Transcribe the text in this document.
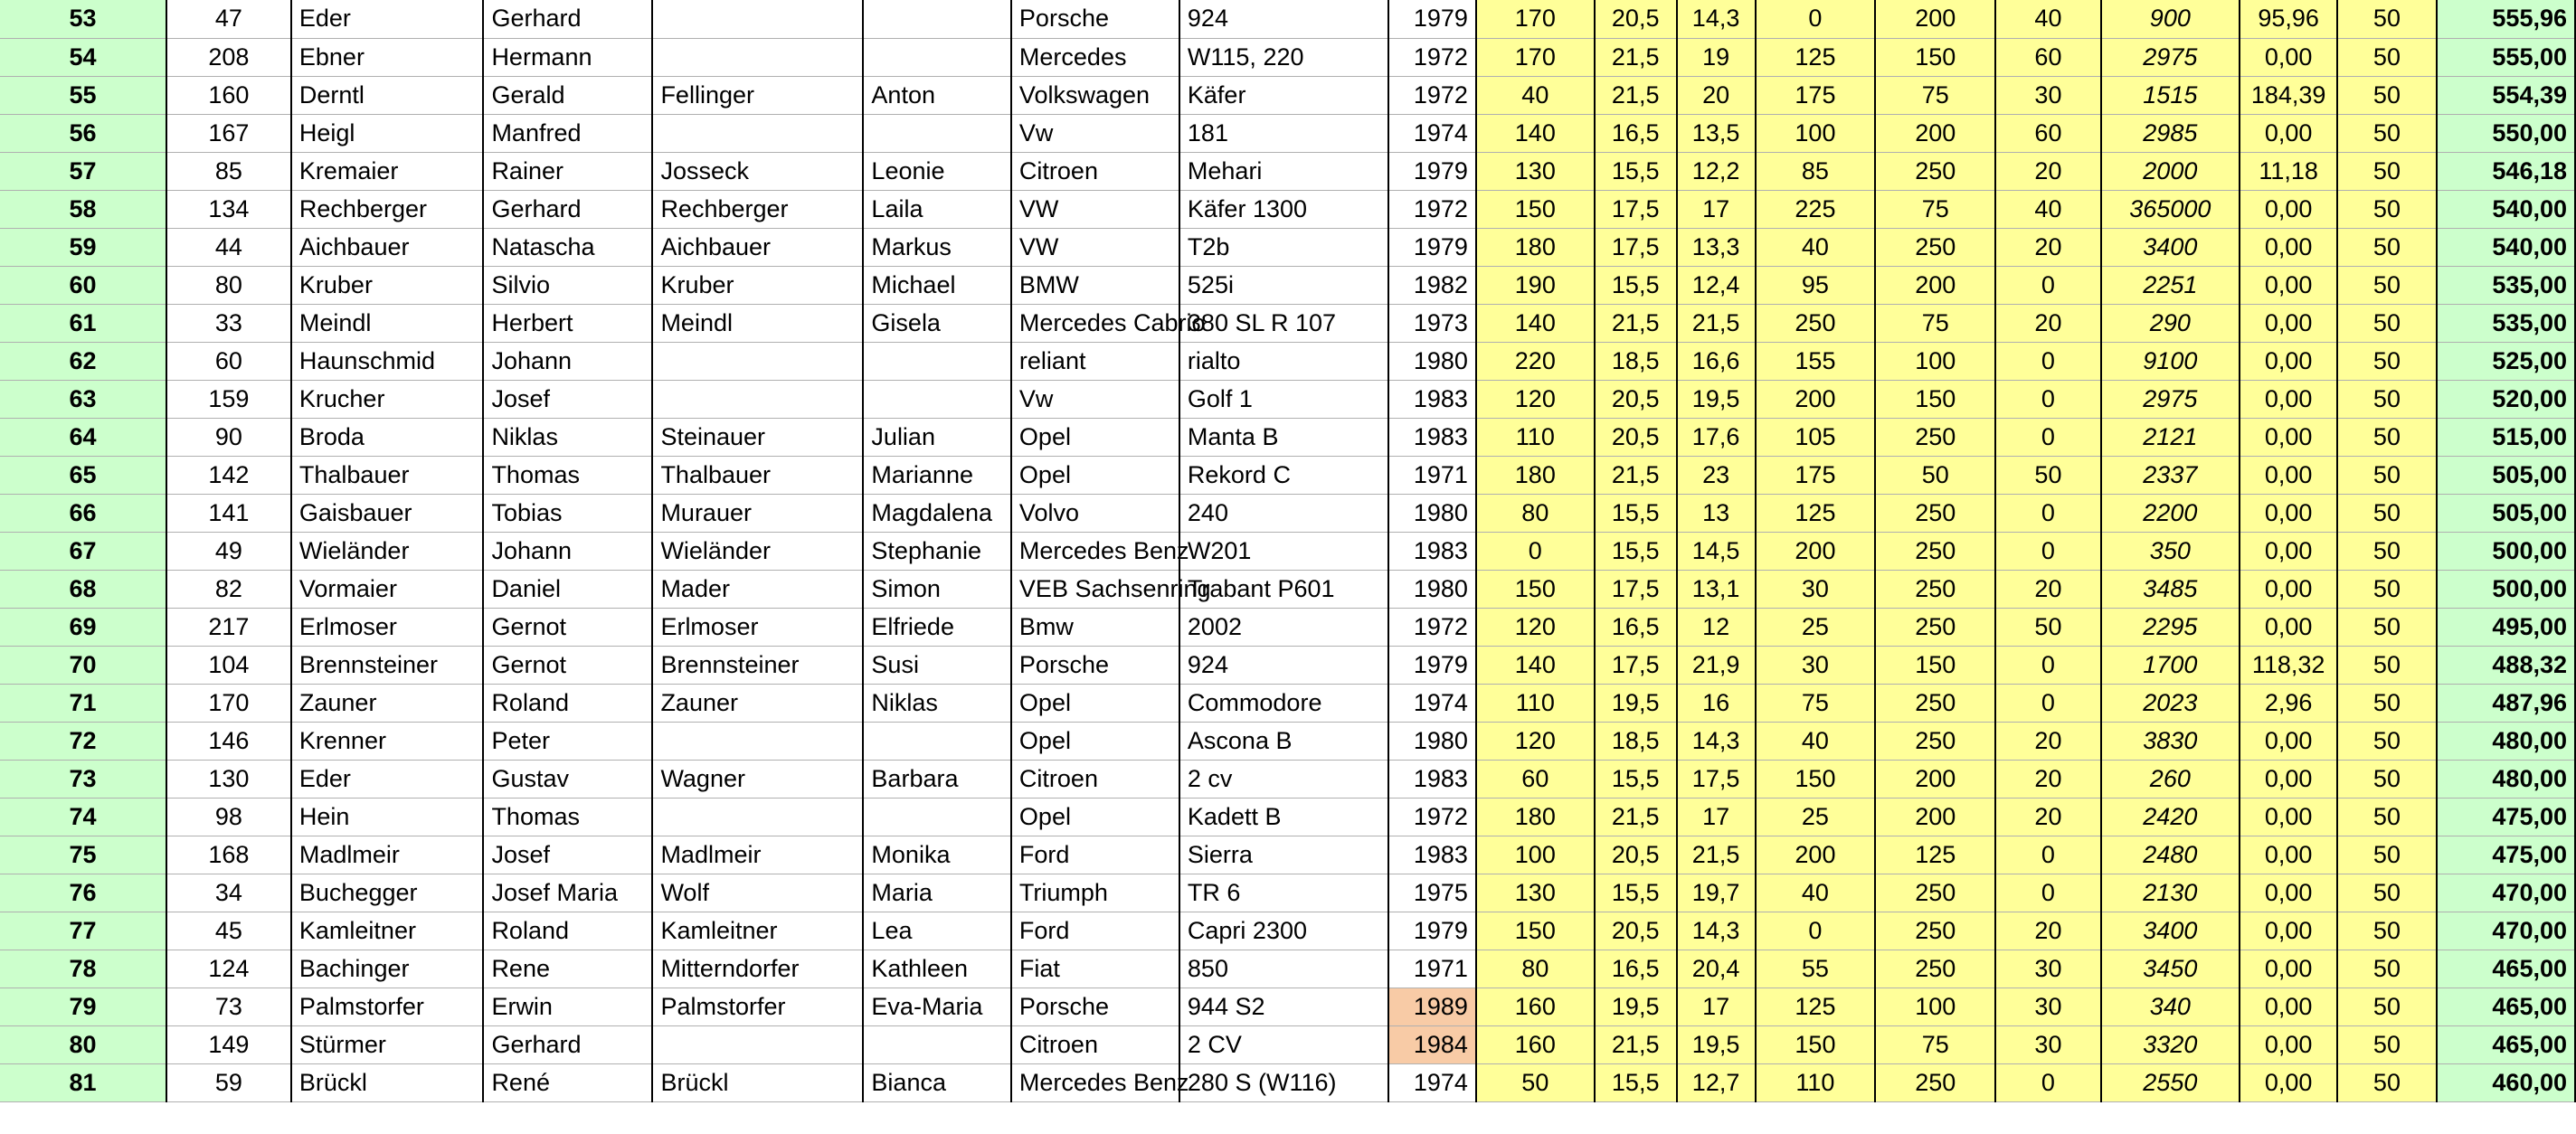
53	47	Eder	Gerhard			Porsche	924	1979	170	20,5	14,3	0	200	40	900	95,96	50	555,96
54	208	Ebner	Hermann			Mercedes	W115, 220	1972	170	21,5	19	125	150	60	2975	0,00	50	555,00
55	160	Derntl	Gerald	Fellinger	Anton	Volkswagen	Käfer	1972	40	21,5	20	175	75	30	1515	184,39	50	554,39
56	167	Heigl	Manfred			Vw	181	1974	140	16,5	13,5	100	200	60	2985	0,00	50	550,00
57	85	Kremaier	Rainer	Josseck	Leonie	Citroen	Mehari	1979	130	15,5	12,2	85	250	20	2000	11,18	50	546,18
58	134	Rechberger	Gerhard	Rechberger	Laila	VW	Käfer 1300	1972	150	17,5	17	225	75	40	365000	0,00	50	540,00
59	44	Aichbauer	Natascha	Aichbauer	Markus	VW	T2b	1979	180	17,5	13,3	40	250	20	3400	0,00	50	540,00
60	80	Kruber	Silvio	Kruber	Michael	BMW	525i	1982	190	15,5	12,4	95	200	0	2251	0,00	50	535,00
61	33	Meindl	Herbert	Meindl	Gisela	Mercedes Cabrio	380 SL R 107	1973	140	21,5	21,5	250	75	20	290	0,00	50	535,00
62	60	Haunschmid	Johann			reliant	rialto	1980	220	18,5	16,6	155	100	0	9100	0,00	50	525,00
63	159	Krucher	Josef			Vw	Golf 1	1983	120	20,5	19,5	200	150	0	2975	0,00	50	520,00
64	90	Broda	Niklas	Steinauer	Julian	Opel	Manta B	1983	110	20,5	17,6	105	250	0	2121	0,00	50	515,00
65	142	Thalbauer	Thomas	Thalbauer	Marianne	Opel	Rekord C	1971	180	21,5	23	175	50	50	2337	0,00	50	505,00
66	141	Gaisbauer	Tobias	Murauer	Magdalena	Volvo	240	1980	80	15,5	13	125	250	0	2200	0,00	50	505,00
67	49	Wieländer	Johann	Wieländer	Stephanie	Mercedes Benz	W201	1983	0	15,5	14,5	200	250	0	350	0,00	50	500,00
68	82	Vormaier	Daniel	Mader	Simon	VEB Sachsenring	Trabant P601	1980	150	17,5	13,1	30	250	20	3485	0,00	50	500,00
69	217	Erlmoser	Gernot	Erlmoser	Elfriede	Bmw	2002	1972	120	16,5	12	25	250	50	2295	0,00	50	495,00
70	104	Brennsteiner	Gernot	Brennsteiner	Susi	Porsche	924	1979	140	17,5	21,9	30	150	0	1700	118,32	50	488,32
71	170	Zauner	Roland	Zauner	Niklas	Opel	Commodore	1974	110	19,5	16	75	250	0	2023	2,96	50	487,96
72	146	Krenner	Peter			Opel	Ascona B	1980	120	18,5	14,3	40	250	20	3830	0,00	50	480,00
73	130	Eder	Gustav	Wagner	Barbara	Citroen	2 cv	1983	60	15,5	17,5	150	200	20	260	0,00	50	480,00
74	98	Hein	Thomas			Opel	Kadett B	1972	180	21,5	17	25	200	20	2420	0,00	50	475,00
75	168	Madlmeir	Josef	Madlmeir	Monika	Ford	Sierra	1983	100	20,5	21,5	200	125	0	2480	0,00	50	475,00
76	34	Buchegger	Josef Maria	Wolf	Maria	Triumph	TR 6	1975	130	15,5	19,7	40	250	0	2130	0,00	50	470,00
77	45	Kamleitner	Roland	Kamleitner	Lea	Ford	Capri 2300	1979	150	20,5	14,3	0	250	20	3400	0,00	50	470,00
78	124	Bachinger	Rene	Mitterndorfer	Kathleen	Fiat	850	1971	80	16,5	20,4	55	250	30	3450	0,00	50	465,00
79	73	Palmstorfer	Erwin	Palmstorfer	Eva-Maria	Porsche	944 S2	1989	160	19,5	17	125	100	30	340	0,00	50	465,00
80	149	Stürmer	Gerhard			Citroen	2 CV	1984	160	21,5	19,5	150	75	30	3320	0,00	50	465,00
81	59	Brückl	René	Brückl	Bianca	Mercedes Benz	280 S (W116)	1974	50	15,5	12,7	110	250	0	2550	0,00	50	460,00
